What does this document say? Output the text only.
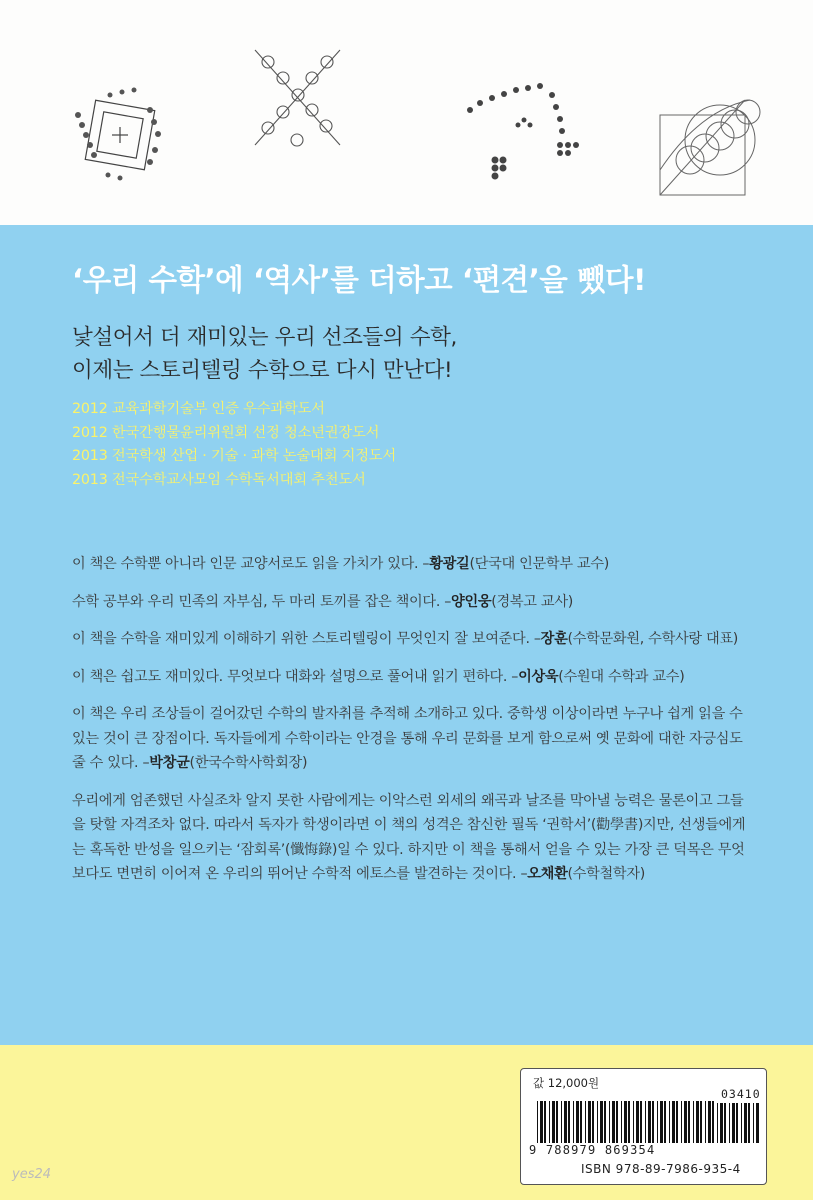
‘우리 수학’에 ‘역사’를 더하고 ‘편견’을 뺐다!
낯설어서 더 재미있는 우리 선조들의 수학,
이제는 스토리텔링 수학으로 다시 만난다!
2012 교육과학기술부 인증 우수과학도서
2012 한국간행물윤리위원회 선정 청소년권장도서
2013 전국학생 산업 · 기술 · 과학 논술대회 지정도서
2013 전국수학교사모임 수학독서대회 추천도서

이 책은 수학뿐 아니라 인문 교양서로도 읽을 가치가 있다. –황광길(단국대 인문학부 교수)

수학 공부와 우리 민족의 자부심, 두 마리 토끼를 잡은 책이다. –양인웅(경복고 교사)

이 책을 수학을 재미있게 이해하기 위한 스토리텔링이 무엇인지 잘 보여준다. –장훈(수학문화원, 수학사랑 대표)

이 책은 쉽고도 재미있다. 무엇보다 대화와 설명으로 풀어내 읽기 편하다. –이상욱(수원대 수학과 교수)

이 책은 우리 조상들이 걸어갔던 수학의 발자취를 추적해 소개하고 있다. 중학생 이상이라면 누구나 쉽게 읽을 수 있는 것이 큰 장점이다. 독자들에게 수학이라는 안경을 통해 우리 문화를 보게 함으로써 옛 문화에 대한 자긍심도 줄 수 있다. –박창균(한국수학사학회장)

우리에게 엄존했던 사실조차 알지 못한 사람에게는 이악스런 외세의 왜곡과 날조를 막아낼 능력은 물론이고 그들을 탓할 자격조차 없다. 따라서 독자가 학생이라면 이 책의 성격은 참신한 필독 ‘권학서’(勸學書)지만, 선생들에게는 혹독한 반성을 일으키는 ‘잠회록’(懺悔錄)일 수 있다. 하지만 이 책을 통해서 얻을 수 있는 가장 큰 덕목은 무엇보다도 면면히 이어져 온 우리의 뛰어난 수학적 에토스를 발견하는 것이다. –오채환(수학철학자)

값 12,000원
03410
9 788979 869354
ISBN 978-89-7986-935-4
yes24
